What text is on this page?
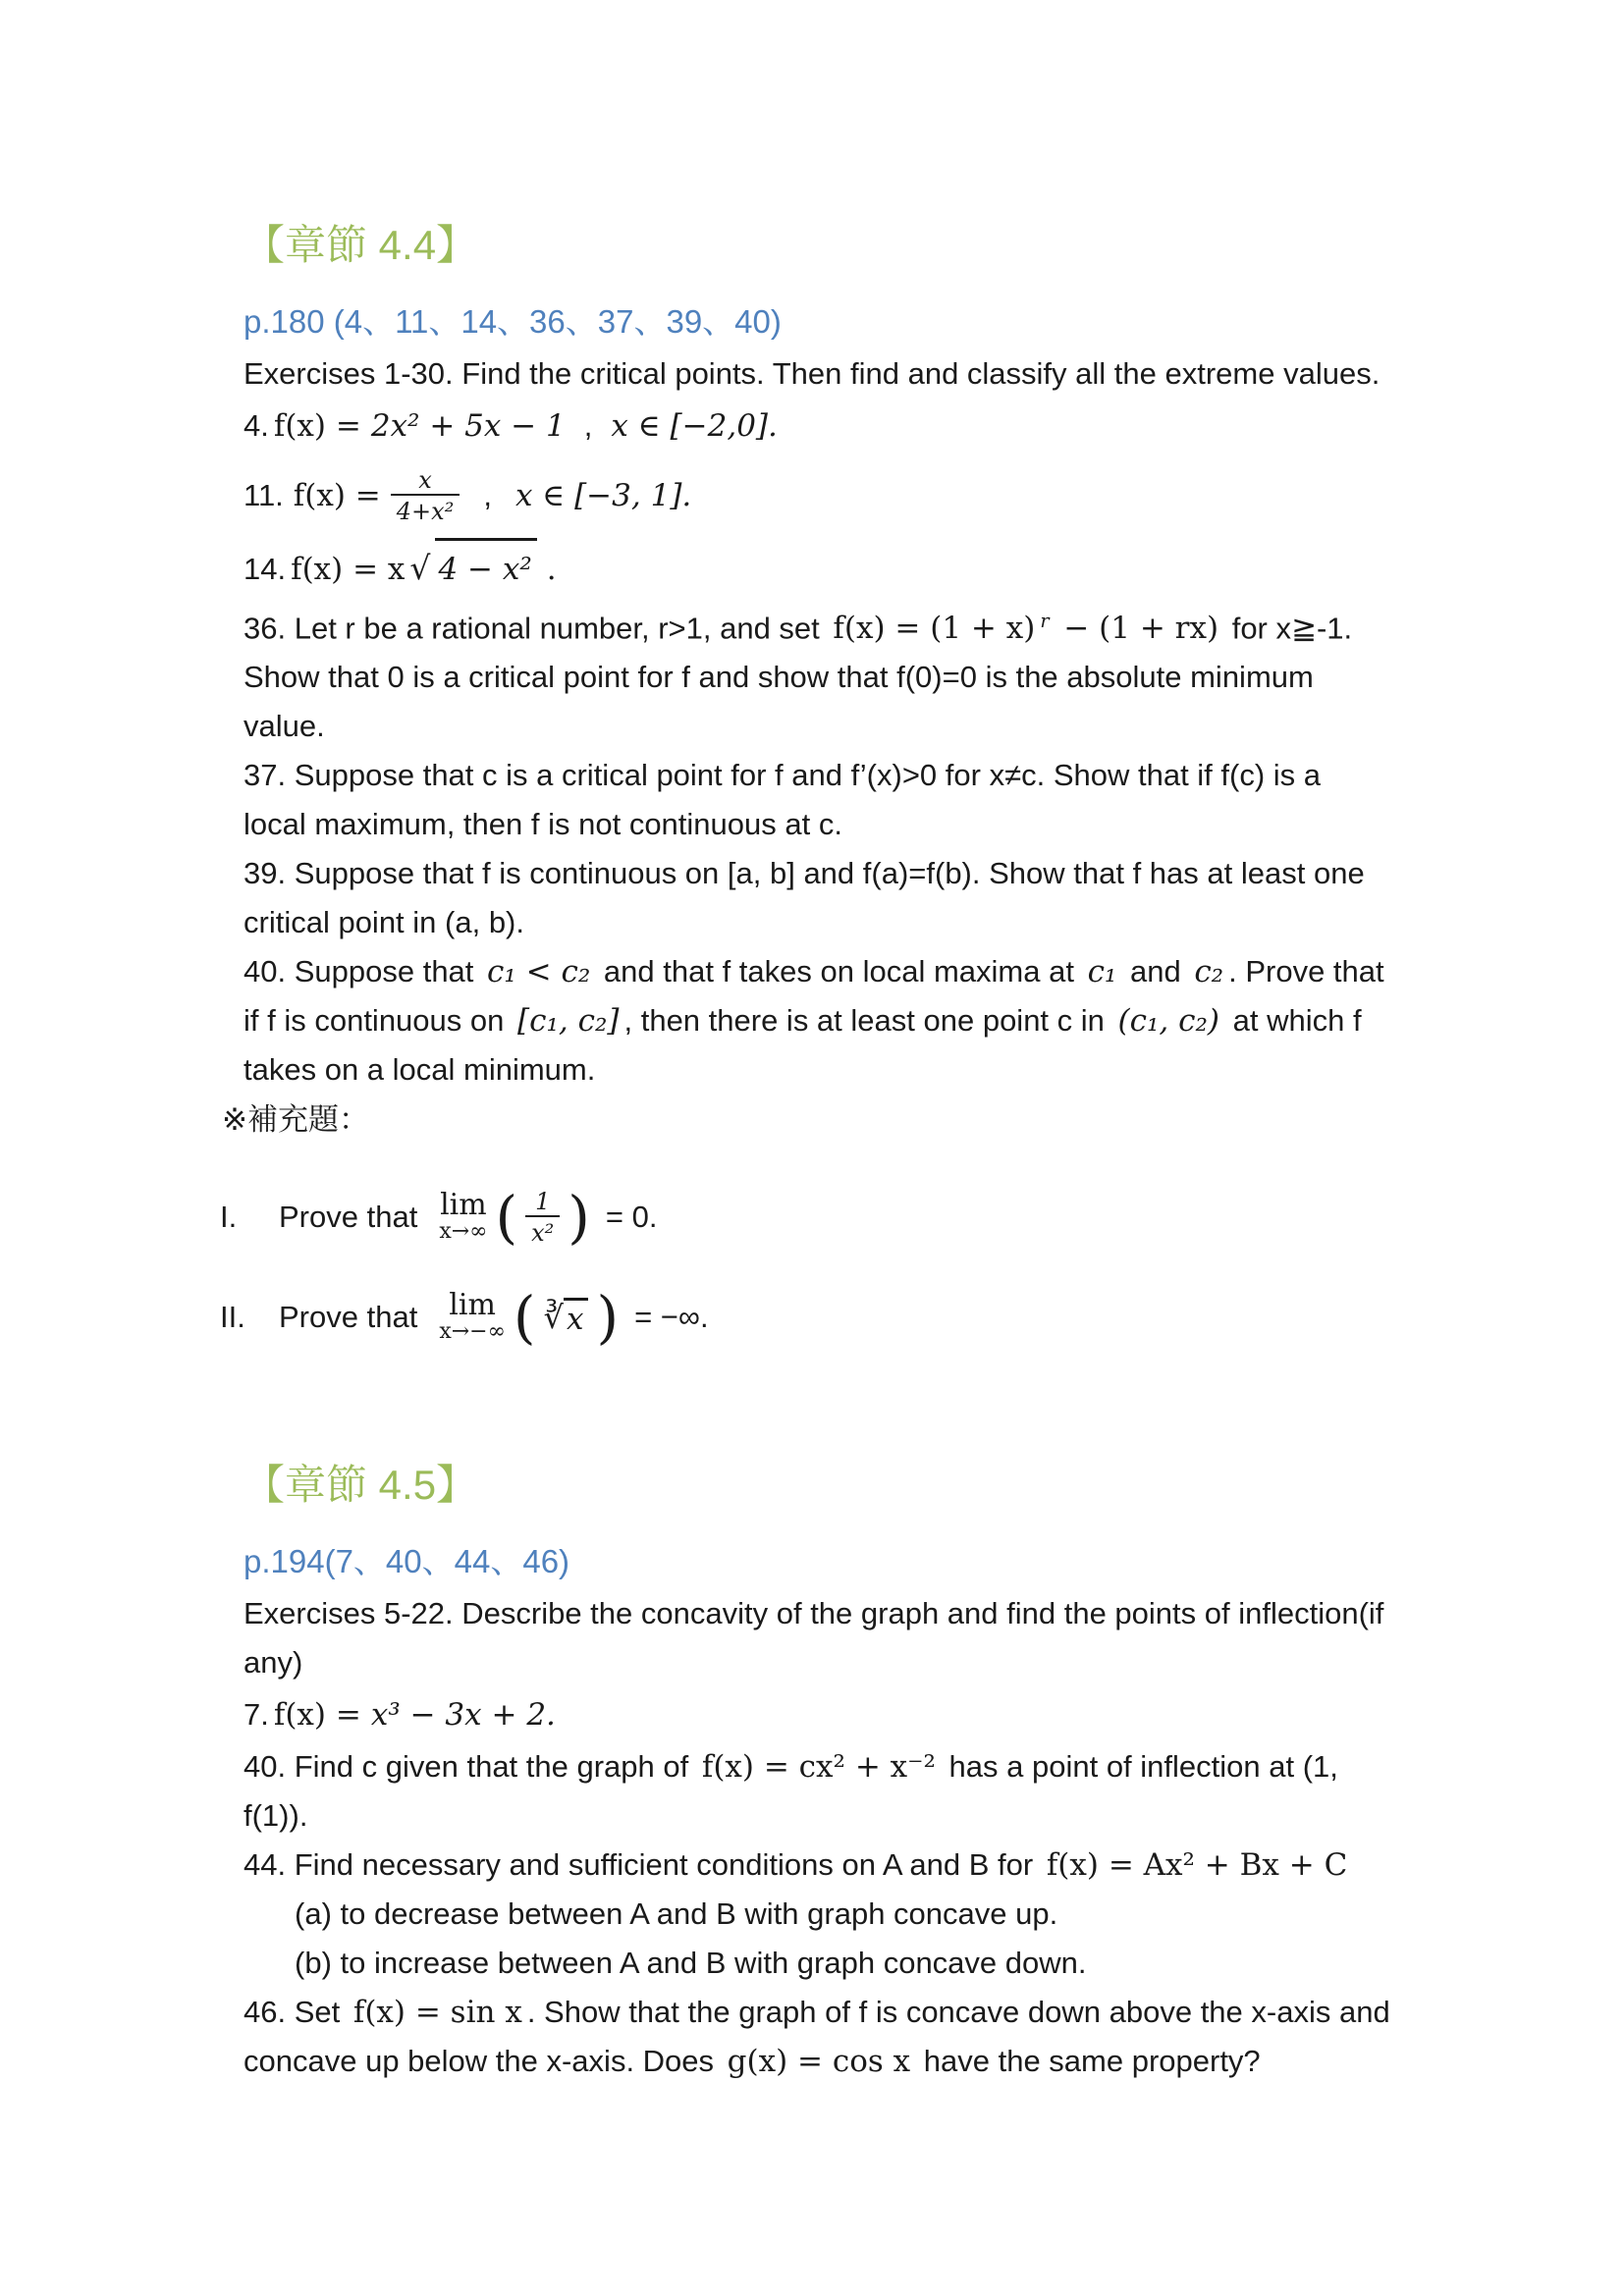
【章節 4.4】
p.180 (4、11、14、36、37、39、40)
Exercises 1-30. Find the critical points. Then find and classify all the extreme values.
4. f(x) = 2x² + 5x − 1 , x ∈ [−2,0].
11. $f(x) = \frac{x}{\text{4+x²}}$ , x ∈ [−3, 1].
14. f(x) = x √ 4 − x² .
36. Let r be a rational number, r>1, and set f(x) = (1 + x) $^r$ − (1 + rx) for x≧-1.
Show that 0 is a critical point for f and show that f(0)=0 is the absolute minimum
value.
37. Suppose that c is a critical point for f and f’(x)>0 for x≠c. Show that if f(c) is a
local maximum, then f is not continuous at c.
39. Suppose that f is continuous on [a, b] and f(a)=f(b). Show that f has at least one
critical point in (a, b).
40. Suppose that c₁ < c₂ and that f takes on local maxima at c₁ and c₂ . Prove that
if f is continuous on [c₁, c₂] , then there is at least one point c in (c₁, c₂) at which f
takes on a local minimum.
※補充題：
I.	Prove that lim
x→∞ ( $\frac{1}{\text{x²}}$ ) = 0.
II.	Prove that lim
x→−∞ ( ∛ x ) = −∞.
【章節 4.5】
p.194(7、40、44、46)
Exercises 5-22. Describe the concavity of the graph and find the points of inflection(if
any)
7. f(x) = x³ − 3x + 2.
40. Find c given that the graph of f(x) = cx² + x⁻² has a point of inflection at (1,
f(1)).
44. Find necessary and sufficient conditions on A and B for f(x) = Ax² + Bx + C
(a) to decrease between A and B with graph concave up.
(b) to increase between A and B with graph concave down.
46. Set f(x) = sin x . Show that the graph of f is concave down above the x-axis and
concave up below the x-axis. Does g(x) = cos x have the same property?
